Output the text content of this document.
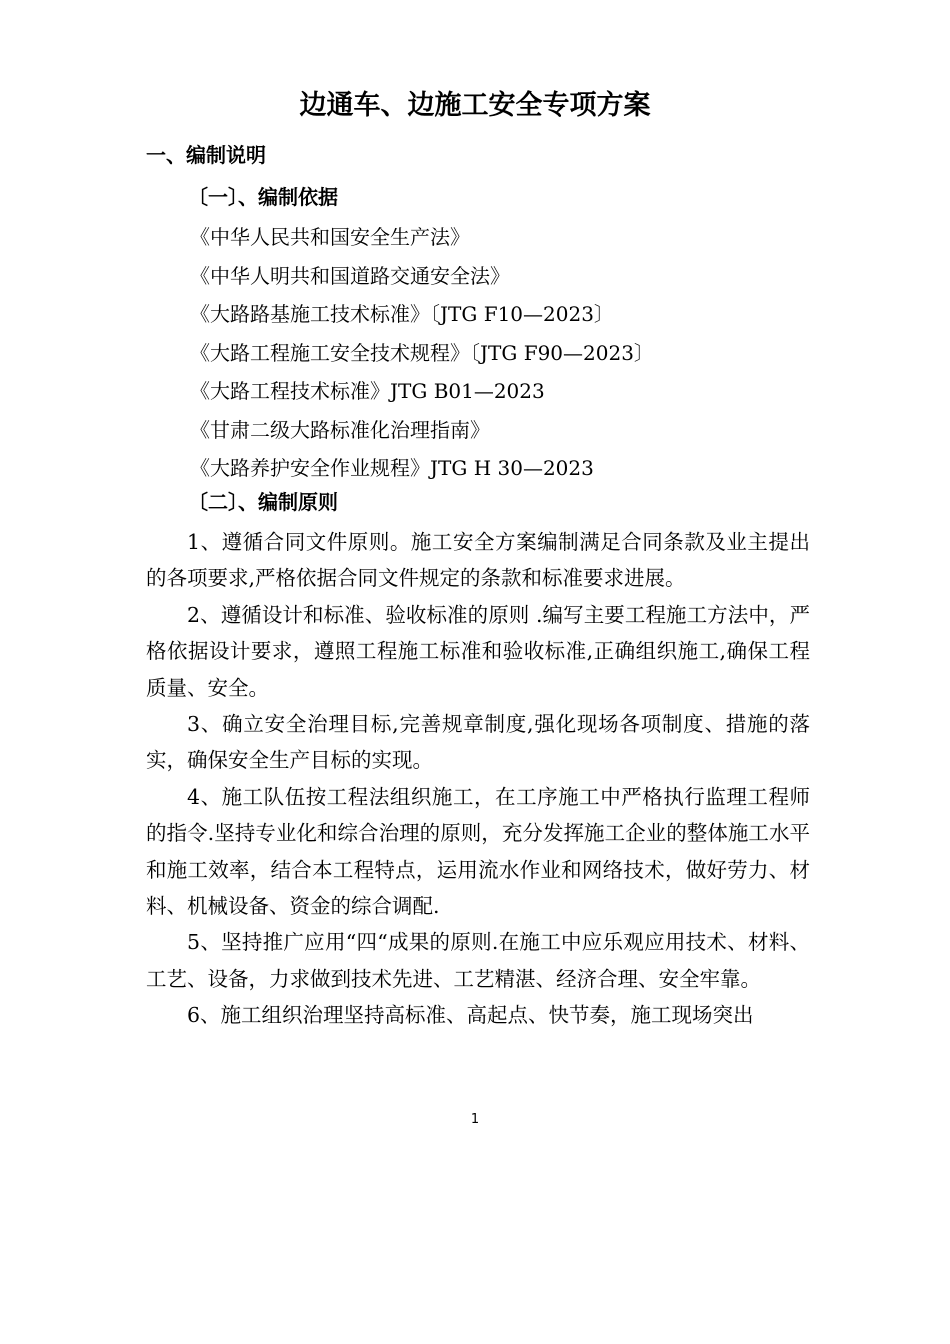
边通车、边施工安全专项方案
一、编制说明
〔一〕、编制依据
《中华人民共和国安全生产法》
《中华人明共和国道路交通安全法》
《大路路基施工技术标准》〔JTG F10—2023〕
《大路工程施工安全技术规程》〔JTG F90—2023〕
《大路工程技术标准》JTG B01—2023
《甘肃二级大路标准化治理指南》
《大路养护安全作业规程》JTG H 30—2023
〔二〕、编制原则

1、遵循合同文件原则。施工安全方案编制满足合同条款及业主提出的各项要求,严格依据合同文件规定的条款和标准要求进展。

2、遵循设计和标准、验收标准的原则 .编写主要工程施工方法中，严格依据设计要求，遵照工程施工标准和验收标准,正确组织施工,确保工程质量、安全。

3、确立安全治理目标,完善规章制度,强化现场各项制度、措施的落实，确保安全生产目标的实现。

4、施工队伍按工程法组织施工，在工序施工中严格执行监理工程师的指令.坚持专业化和综合治理的原则，充分发挥施工企业的整体施工水平和施工效率，结合本工程特点，运用流水作业和网络技术，做好劳力、材料、机械设备、资金的综合调配.

5、坚持推广应用“四“成果的原则.在施工中应乐观应用技术、材料、工艺、设备，力求做到技术先进、工艺精湛、经济合理、安全牢靠。

6、施工组织治理坚持高标准、高起点、快节奏，施工现场突出

1
